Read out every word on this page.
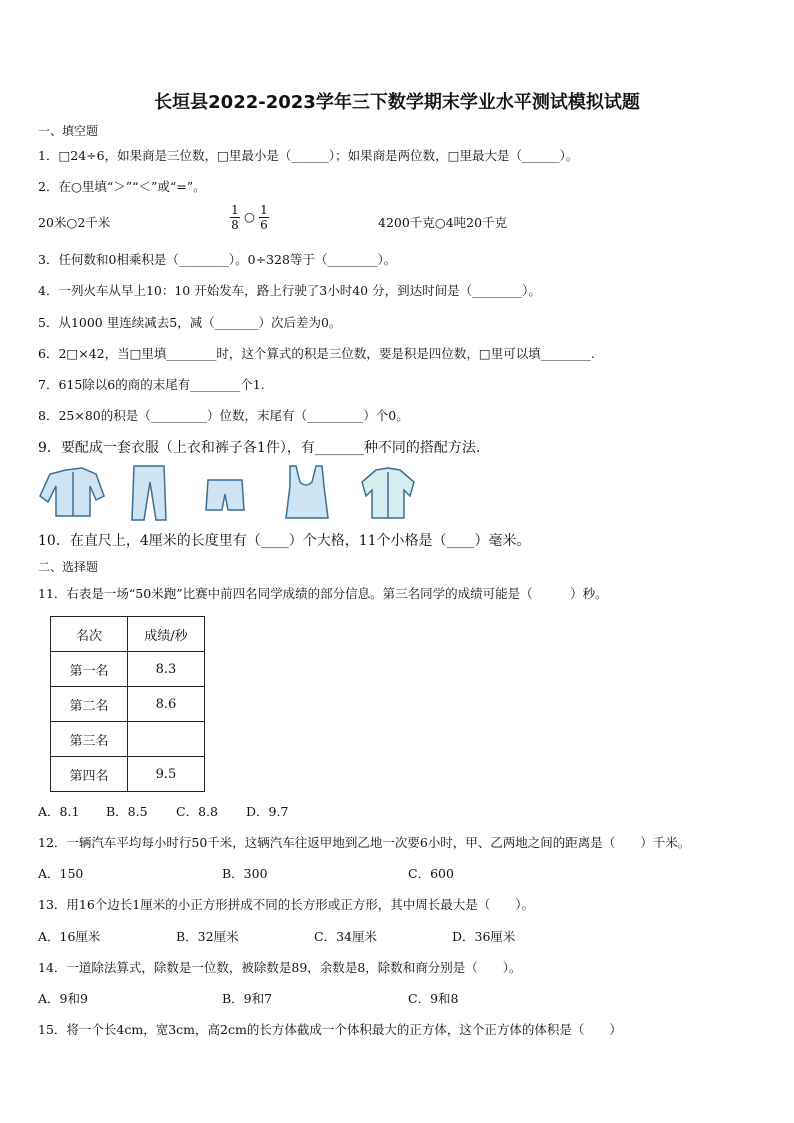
长垣县2022-2023学年三下数学期末学业水平测试模拟试题
一、填空题
1．□24÷6，如果商是三位数，□里最小是（______）；如果商是两位数，□里最大是（______）。
2．在○里填“＞”“＜”或“=”。
20米○2千米	$\frac{1}{8}$ ○ $\frac{1}{6}$	4200千克○4吨20千克
3．任何数和0相乘积是（________）。0÷328等于（________）。
4．一列火车从早上10：10 开始发车，路上行驶了3小时40 分，到达时间是（________）。
5．从1000 里连续减去5，减（_______）次后差为0。
6．2□×42，当□里填________时，这个算式的积是三位数，要是积是四位数，□里可以填________.
7．615除以6的商的末尾有________个1.
8．25×80的积是（_________）位数，末尾有（_________）个0。
9．要配成一套衣服（上衣和裤子各1件），有_______种不同的搭配方法.
10．在直尺上，4厘米的长度里有（____）个大格，11个小格是（____）毫米。
二、选择题
11．右表是一场“50米跑”比赛中前四名同学成绩的部分信息。第三名同学的成绩可能是（　　　）秒。
名次	成绩/秒
第一名	8.3
第二名	8.6
第三名	
第四名	9.5
A．8.1 B．8.5 C．8.8 D．9.7
12．一辆汽车平均每小时行50千米，这辆汽车往返甲地到乙地一次要6小时，甲、乙两地之间的距离是（　　）千米。
A．150	B．300	C．600
13．用16个边长1厘米的小正方形拼成不同的长方形或正方形，其中周长最大是（　　）。
A．16厘米	B．32厘米	C．34厘米	D．36厘米
14．一道除法算式，除数是一位数，被除数是89，余数是8，除数和商分别是（　　）。
A．9和9	B．9和7	C．9和8
15．将一个长4cm，宽3cm，高2cm的长方体截成一个体积最大的正方体，这个正方体的体积是（　　）
